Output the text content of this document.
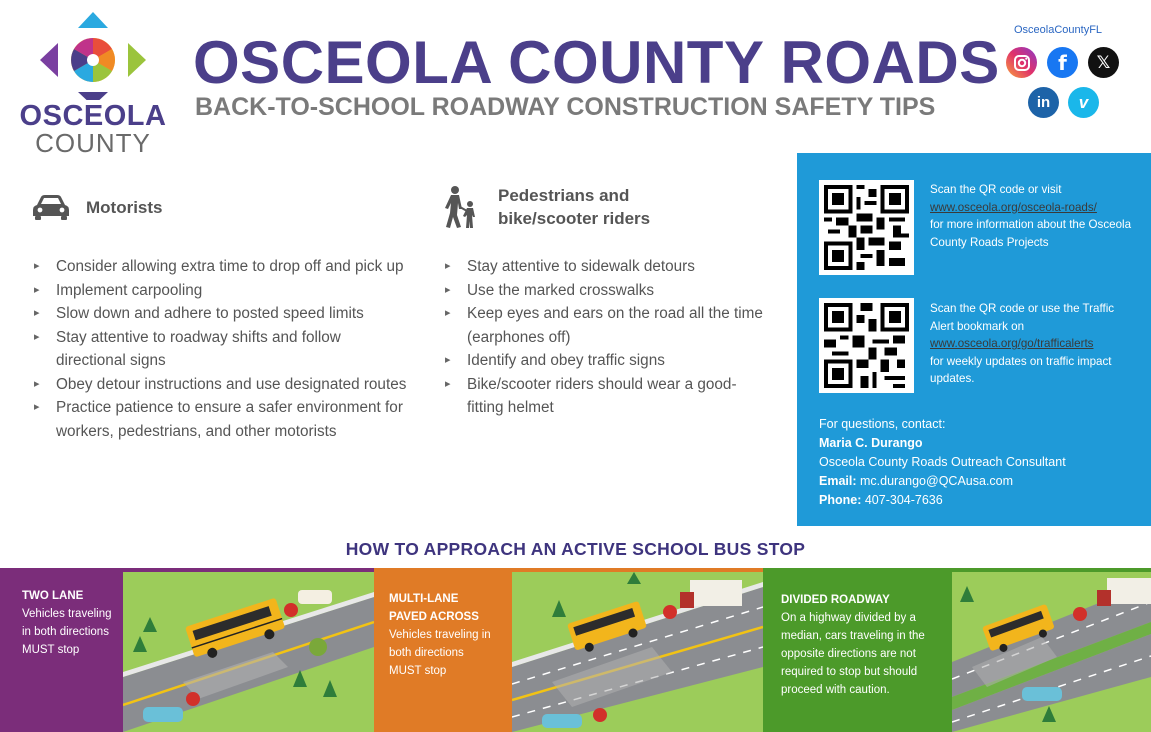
OSCEOLA
COUNTY
OSCEOLA COUNTY ROADS
BACK-TO-SCHOOL ROADWAY CONSTRUCTION SAFETY TIPS
OsceolaCountyFL
f	𝕏
in	v
Motorists
▸ Consider allowing extra time to drop off and pick up
▸ Implement carpooling
▸ Slow down and adhere to posted speed limits
▸ Stay attentive to roadway shifts and follow directional signs
▸ Obey detour instructions and use designated routes
▸ Practice patience to ensure a safer environment for workers, pedestrians, and other motorists
Pedestrians and
bike/scooter riders
▸ Stay attentive to sidewalk detours
▸ Use the marked crosswalks
▸ Keep eyes and ears on the road all the time (earphones off)
▸ Identify and obey traffic signs
▸ Bike/scooter riders should wear a good-fitting helmet
Scan the QR code or visit
www.osceola.org/osceola-roads/
for more information about the Osceola County Roads Projects
Scan the QR code or use the Traffic Alert bookmark on
www.osceola.org/go/trafficalerts
for weekly updates on traffic impact updates.
For questions, contact:
Maria C. Durango
Osceola County Roads Outreach Consultant
Email: mc.durango@QCAusa.com
Phone: 407-304-7636
HOW TO APPROACH AN ACTIVE SCHOOL BUS STOP
TWO LANE
Vehicles traveling in both directions MUST stop
MULTI-LANE PAVED ACROSS
Vehicles traveling in both directions MUST stop
DIVIDED ROADWAY
On a highway divided by a median, cars traveling in the opposite directions are not required to stop but should proceed with caution.
